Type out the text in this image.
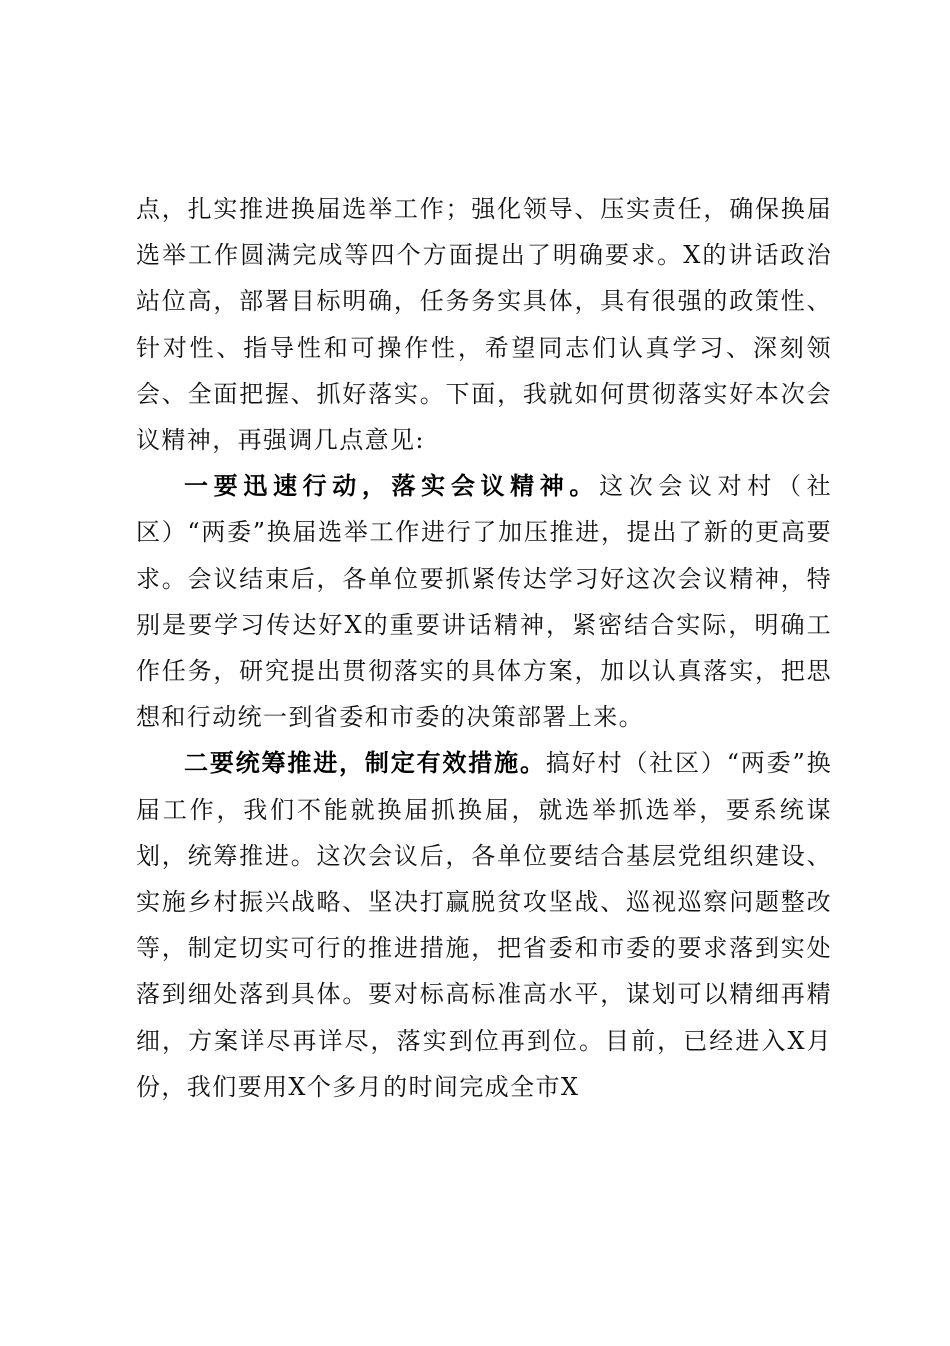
点，扎实推进换届选举工作；强化领导、压实责任，确保换届选举工作圆满完成等四个方面提出了明确要求。X的讲话政治站位高，部署目标明确，任务务实具体，具有很强的政策性、针对性、指导性和可操作性，希望同志们认真学习、深刻领会、全面把握、抓好落实。下面，我就如何贯彻落实好本次会议精神，再强调几点意见:

一要迅速行动，落实会议精神。这次会议对村（社区）“两委”换届选举工作进行了加压推进，提出了新的更高要求。会议结束后，各单位要抓紧传达学习好这次会议精神，特别是要学习传达好X的重要讲话精神，紧密结合实际，明确工作任务，研究提出贯彻落实的具体方案，加以认真落实，把思想和行动统一到省委和市委的决策部署上来。

二要统筹推进，制定有效措施。搞好村（社区）“两委”换届工作，我们不能就换届抓换届，就选举抓选举，要系统谋划，统筹推进。这次会议后，各单位要结合基层党组织建设、实施乡村振兴战略、坚决打赢脱贫攻坚战、巡视巡察问题整改等，制定切实可行的推进措施，把省委和市委的要求落到实处落到细处落到具体。要对标高标准高水平，谋划可以精细再精细，方案详尽再详尽，落实到位再到位。目前，已经进入X月份，我们要用X个多月的时间完成全市X
